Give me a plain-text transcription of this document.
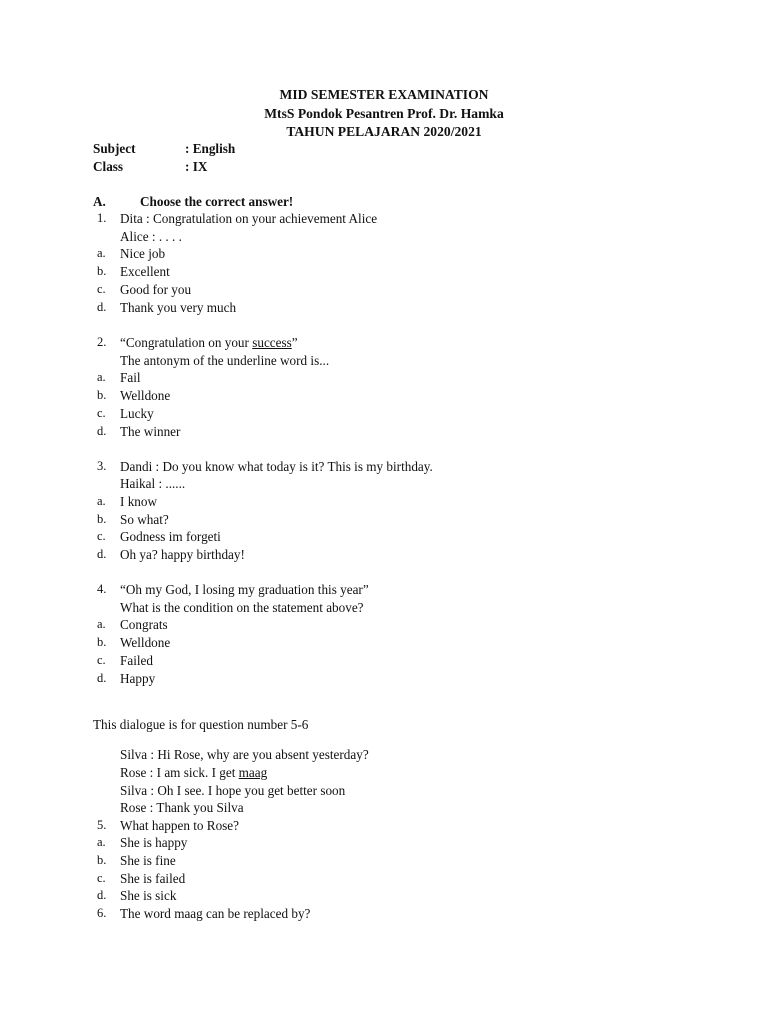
MID SEMESTER EXAMINATION
MtsS Pondok Pesantren Prof. Dr. Hamka
TAHUN PELAJARAN 2020/2021
Subject	: English
Class	: IX
A.	Choose the correct answer!
1. Dita : Congratulation on your achievement Alice
Alice : . . . .
a. Nice job
b. Excellent
c. Good for you
d. Thank you very much
2. “Congratulation on your success”
The antonym of the underline word is...
a. Fail
b. Welldone
c. Lucky
d. The winner
3. Dandi : Do you know what today is it? This is my birthday.
Haikal : ......
a. I know
b. So what?
c. Godness im forgeti
d. Oh ya? happy birthday!
4. “Oh my God, I losing my graduation this year”
What is the condition on the statement above?
a. Congrats
b. Welldone
c. Failed
d. Happy
This dialogue is for question number 5-6
Silva : Hi Rose, why are you absent yesterday?
Rose : I am sick. I get maag
Silva : Oh I see. I hope you get better soon
Rose : Thank you Silva
5. What happen to Rose?
a. She is happy
b. She is fine
c. She is failed
d. She is sick
6. The word maag can be replaced by?
